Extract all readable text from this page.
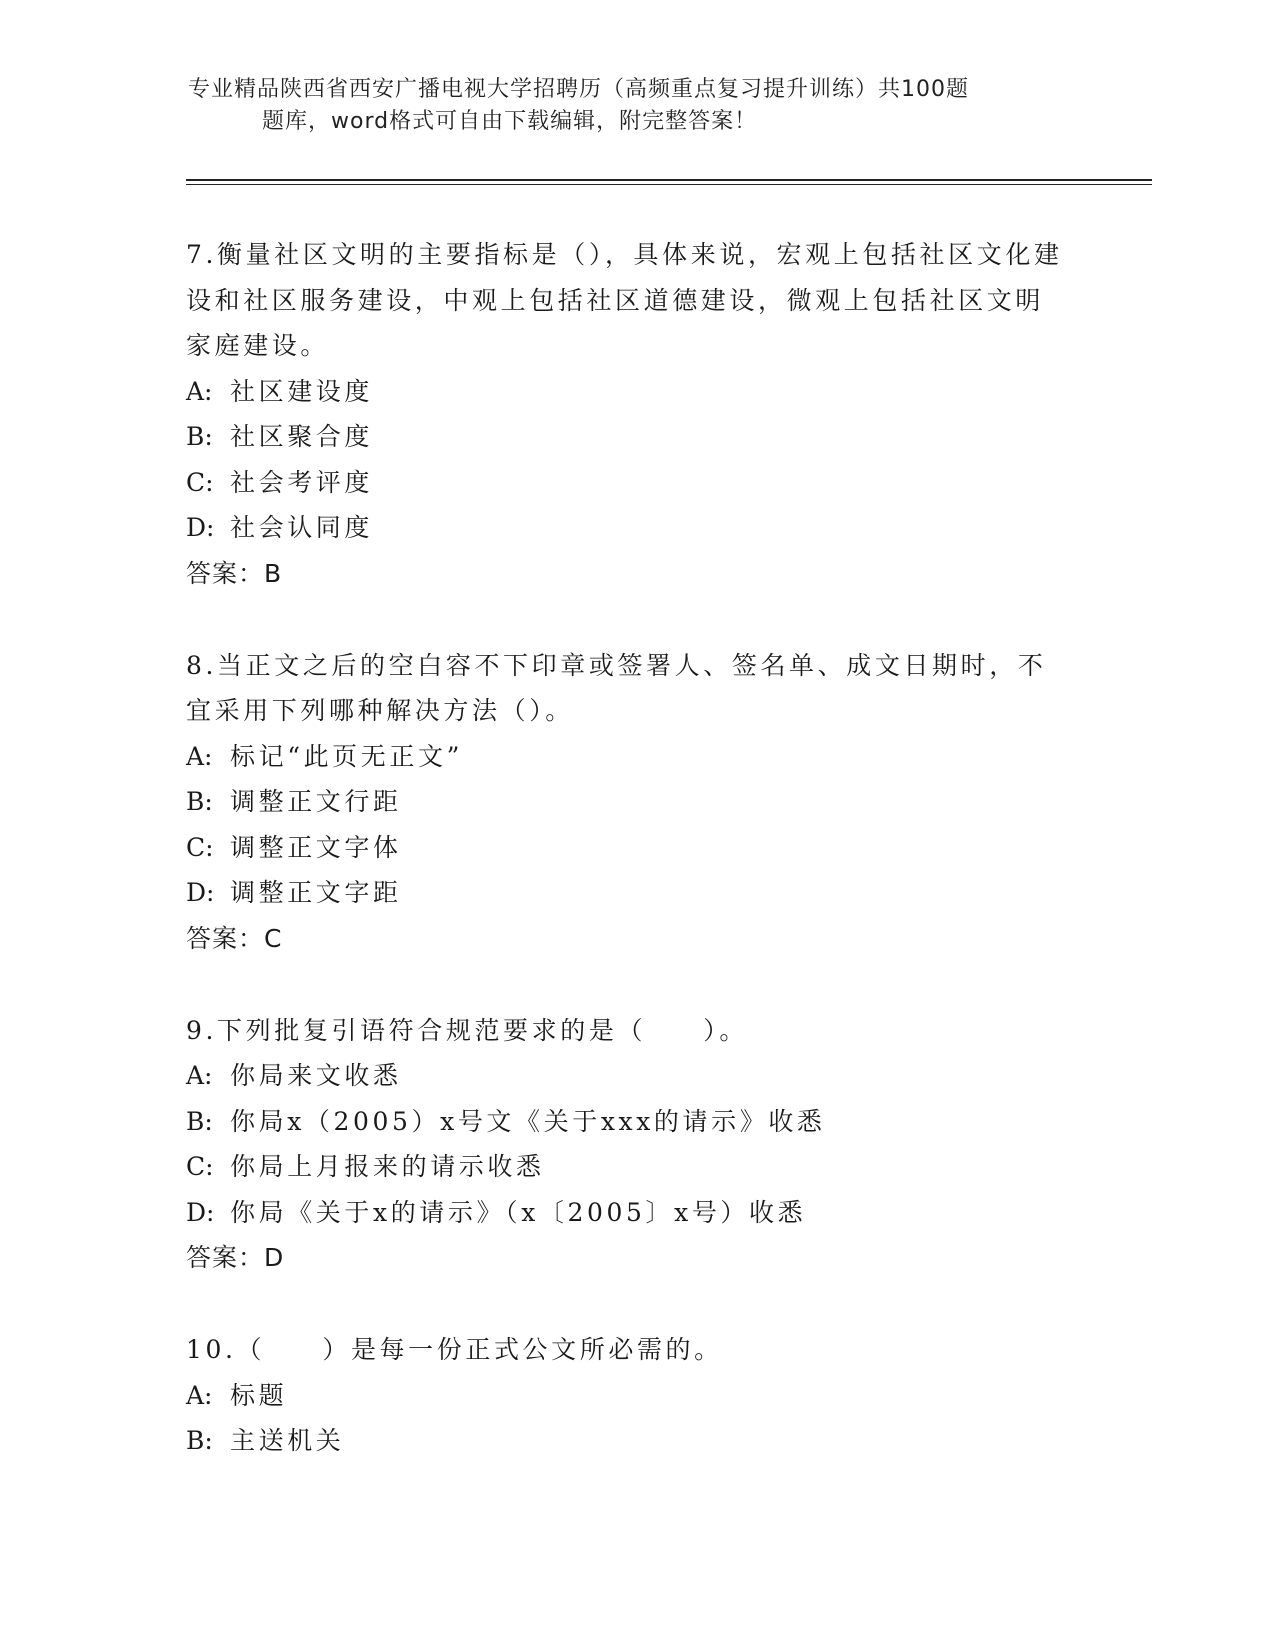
专业精品陕西省西安广播电视大学招聘历（高频重点复习提升训练）共100题
题库，word格式可自由下载编辑，附完整答案！
7.衡量社区文明的主要指标是（），具体来说，宏观上包括社区文化建设和社区服务建设，中观上包括社区道德建设，微观上包括社区文明家庭建设。
A: 社区建设度
B: 社区聚合度
C: 社会考评度
D: 社会认同度
答案：B
8.当正文之后的空白容不下印章或签署人、签名单、成文日期时，不宜采用下列哪种解决方法（）。
A: 标记“此页无正文”
B: 调整正文行距
C: 调整正文字体
D: 调整正文字距
答案：C
9.下列批复引语符合规范要求的是（　　）。
A: 你局来文收悉
B: 你局x（2005）x号文《关于xxx的请示》收悉
C: 你局上月报来的请示收悉
D: 你局《关于x的请示》（x〔2005〕x号）收悉
答案：D
10.（　　）是每一份正式公文所必需的。
A: 标题
B: 主送机关
